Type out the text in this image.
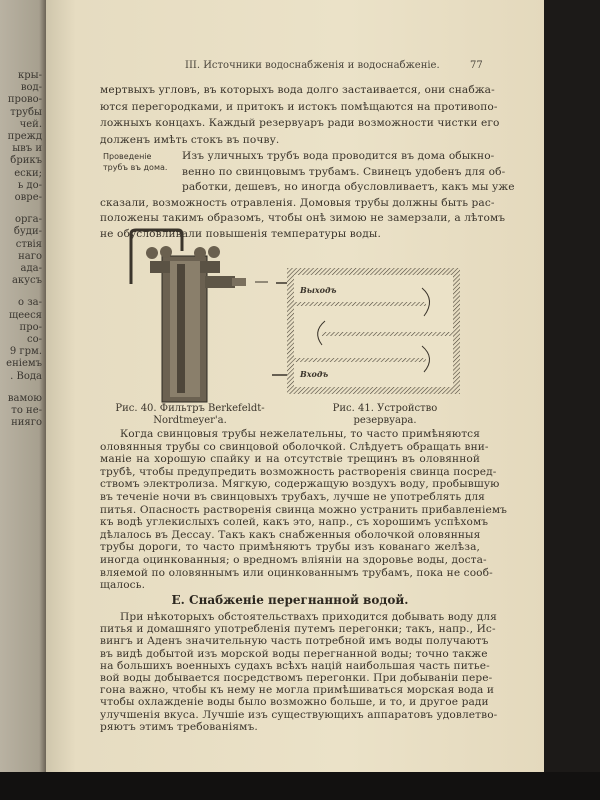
кры-
вод-
прово-
трубы
чей.
прежд
ывъ и
брикъ
ески;
ь до-
овре-
орга-
буди-
ствія
наго
ада-
акусъ
о за-
щееся
про-
со-
9 грм.
еніемъ
. Вода
вамою
то не-
нияго
III. Источники водоснабженія и водоснабженіе.	77
мертвыхъ угловъ, въ которыхъ вода долго застаивается, они снабжа-
ются перегородками, и притокъ и истокъ помѣщаются на противопо-
ложныхъ концахъ. Каждый резервуаръ ради возможности чистки его
долженъ имѣть стокъ въ почву.
Изъ уличныхъ трубъ вода проводится въ дома обыкно-
венно по свинцовымъ трубамъ. Свинецъ удобенъ для об-
работки, дешевъ, но иногда обусловливаетъ, какъ мы уже
сказали, возможность отравленія. Домовыя трубы должны быть рас-
положены такимъ образомъ, чтобы онѣ зимою не замерзали, а лѣтомъ
не обусловливали повышенія температуры воды.
Когда свинцовыя трубы нежелательны, то часто примѣняются
оловянныя трубы со свинцовой оболочкой. Слѣдуетъ обращать вни-
маніе на хорошую спайку и на отсутствіе трещинъ въ оловянной
трубѣ, чтобы предупредить возможность растворенія свинца посред-
ствомъ электролиза. Мягкую, содержащую воздухъ воду, пробывшую
въ теченіе ночи въ свинцовыхъ трубахъ, лучше не употреблять для
питья. Опасность растворенія свинца можно устранить прибавленіемъ
къ водѣ углекислыхъ солей, какъ это, напр., съ хорошимъ успѣхомъ
дѣлалось въ Дессау. Такъ какъ снабженныя оболочкой оловянныя
трубы дороги, то часто примѣняютъ трубы изъ кованаго желѣза,
иногда оцинкованныя; о вредномъ вліяніи на здоровье воды, доста-
вляемой по оловяннымъ или оцинкованнымъ трубамъ, пока не сооб-
щалось.
При нѣкоторыхъ обстоятельствахъ приходится добывать воду для
питья и домашняго употребленія путемъ перегонки; такъ, напр., Ис-
вингъ и Аденъ значительную часть потребной имъ воды получаютъ
въ видѣ добытой изъ морской воды перегнанной воды; точно также
на большихъ военныхъ судахъ всѣхъ націй наибольшая часть питье-
вой воды добывается посредствомъ перегонки. При добываніи пере-
гона важно, чтобы къ нему не могла примѣшиваться морская вода и
чтобы охлажденіе воды было возможно больше, и то, и другое ради
улучшенія вкуса. Лучшіе изъ существующихъ аппаратовъ удовлетво-
ряютъ этимъ требованіямъ.
Проведеніе
трубъ въ дома.
Выходъ
Входъ
Рис. 40. Фильтръ Berkefeldt-
Nordtmeyer'а.
Рис. 41. Устройство резервуара.
Е. Снабженіе перегнанной водой.
